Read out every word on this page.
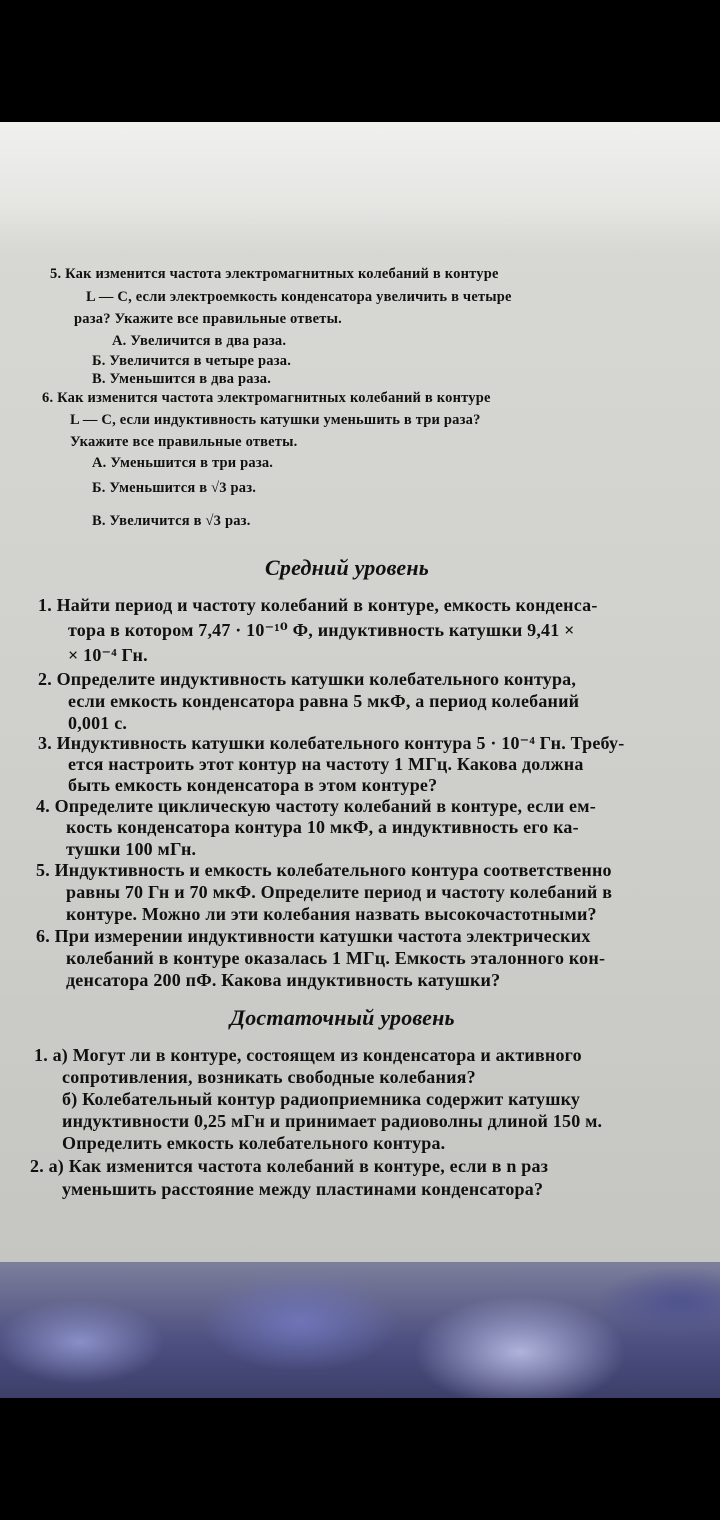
5. Как изменится частота электромагнитных колебаний в контуре
L — C, если электроемкость конденсатора увеличить в четыре
раза? Укажите все правильные ответы.
А. Увеличится в два раза.
Б. Увеличится в четыре раза.
В. Уменьшится в два раза.
6. Как изменится частота электромагнитных колебаний в контуре
L — C, если индуктивность катушки уменьшить в три раза?
Укажите все правильные ответы.
А. Уменьшится в три раза.
Б. Уменьшится в √3 раз.
В. Увеличится в √3 раз.
Средний уровень
1. Найти период и частоту колебаний в контуре, емкость конденса-
тора в котором 7,47 · 10⁻¹⁰ Ф, индуктивность катушки 9,41 ×
× 10⁻⁴ Гн.
2. Определите индуктивность катушки колебательного контура,
если емкость конденсатора равна 5 мкФ, а период колебаний
0,001 с.
3. Индуктивность катушки колебательного контура 5 · 10⁻⁴ Гн. Требу-
ется настроить этот контур на частоту 1 МГц. Какова должна
быть емкость конденсатора в этом контуре?
4. Определите циклическую частоту колебаний в контуре, если ем-
кость конденсатора контура 10 мкФ, а индуктивность его ка-
тушки 100 мГн.
5. Индуктивность и емкость колебательного контура соответственно
равны 70 Гн и 70 мкФ. Определите период и частоту колебаний в
контуре. Можно ли эти колебания назвать высокочастотными?
6. При измерении индуктивности катушки частота электрических
колебаний в контуре оказалась 1 МГц. Емкость эталонного кон-
денсатора 200 пФ. Какова индуктивность катушки?
Достаточный уровень
1. а) Могут ли в контуре, состоящем из конденсатора и активного
сопротивления, возникать свободные колебания?
б) Колебательный контур радиоприемника содержит катушку
индуктивности 0,25 мГн и принимает радиоволны длиной 150 м.
Определить емкость колебательного контура.
2. а) Как изменится частота колебаний в контуре, если в n раз
уменьшить расстояние между пластинами конденсатора?
